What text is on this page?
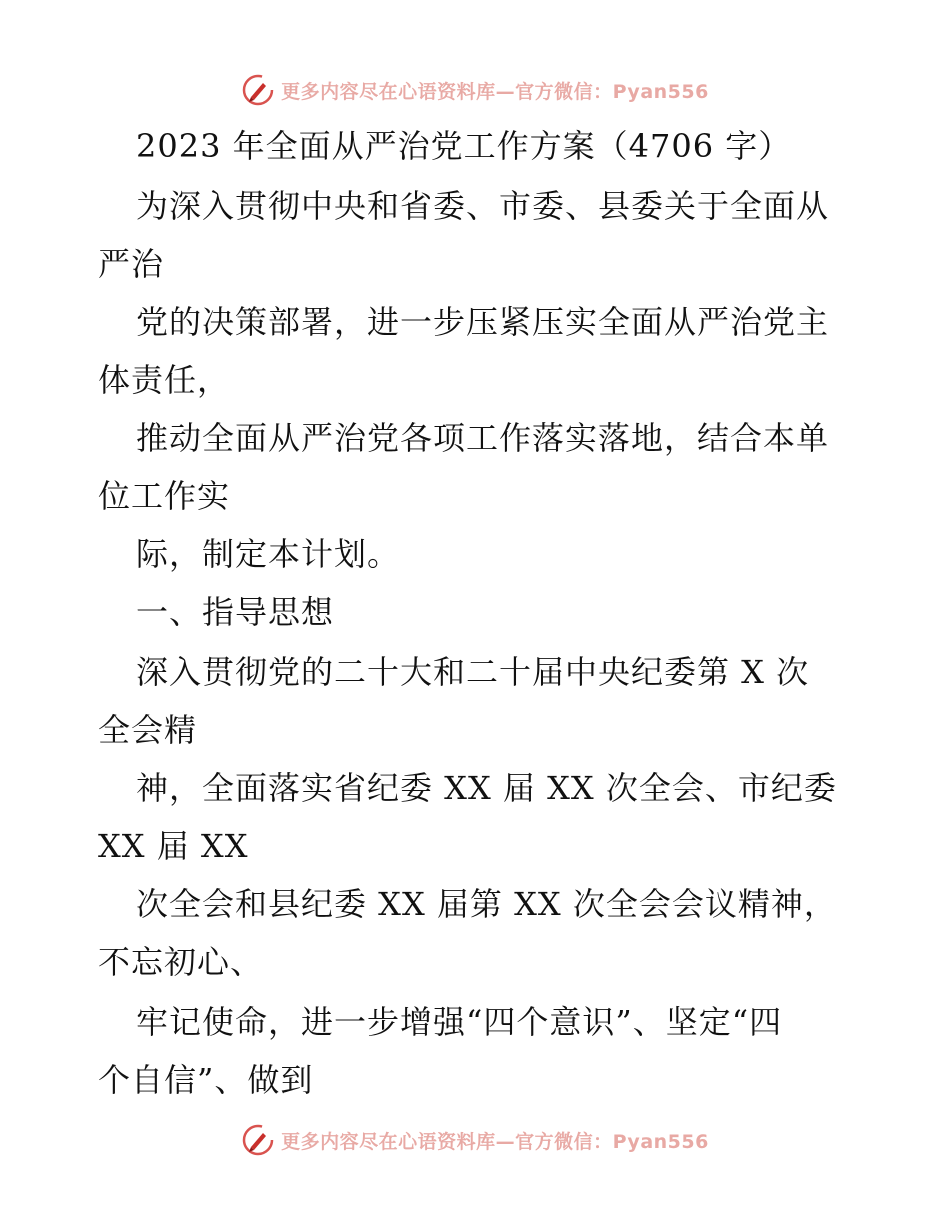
更多内容尽在心语资料库—官方微信：Pyan556
2023 年全面从严治党工作方案（4706 字）
为深入贯彻中央和省委、市委、县委关于全面从
严治
党的决策部署，进一步压紧压实全面从严治党主
体责任，
推动全面从严治党各项工作落实落地，结合本单
位工作实
际，制定本计划。
一、指导思想
深入贯彻党的二十大和二十届中央纪委第 X 次
全会精
神，全面落实省纪委 XX 届 XX 次全会、市纪委
XX 届 XX
次全会和县纪委 XX 届第 XX 次全会会议精神，
不忘初心、
牢记使命，进一步增强“四个意识”、坚定“四
个自信”、做到
更多内容尽在心语资料库—官方微信：Pyan556
